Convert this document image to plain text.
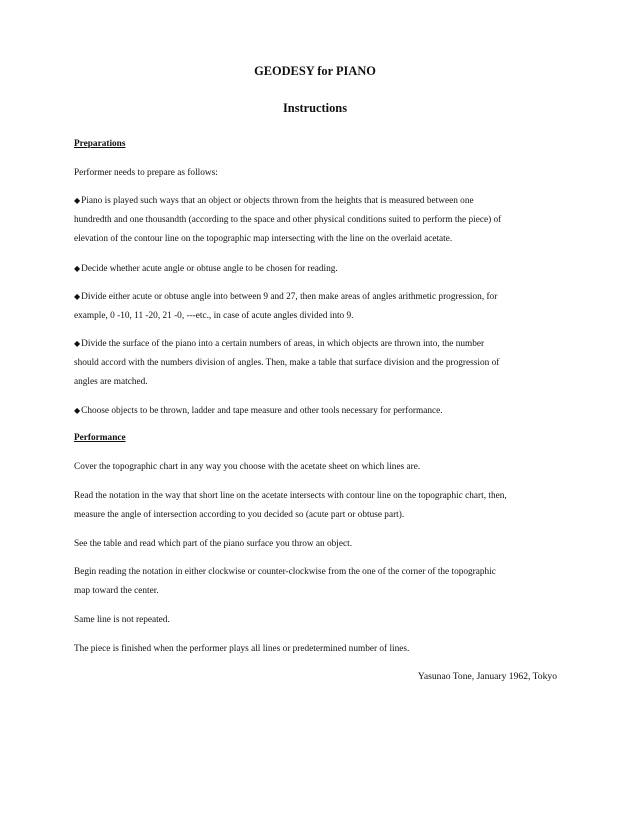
GEODESY for PIANO
Instructions
Preparations
Performer needs to prepare as follows:
◆Piano is played such ways that an object or objects thrown from the heights that is measured between one
hundredth and one thousandth (according to the space and other physical conditions suited to perform the piece) of
elevation of the contour line on the topographic map intersecting with the line on the overlaid acetate.
◆Decide whether acute angle or obtuse angle to be chosen for reading.
◆Divide either acute or obtuse angle into between 9 and 27, then make areas of angles arithmetic progression, for
example, 0 -10, 11 -20, 21 -0, ---etc., in case of acute angles divided into 9.
◆Divide the surface of the piano into a certain numbers of areas, in which objects are thrown into, the number
should accord with the numbers division of angles. Then, make a table that surface division and the progression of
angles are matched.
◆Choose objects to be thrown, ladder and tape measure and other tools necessary for performance.
Performance
Cover the topographic chart in any way you choose with the acetate sheet on which lines are.
Read the notation in the way that short line on the acetate intersects with contour line on the topographic chart, then,
measure the angle of intersection according to you decided so (acute part or obtuse part).
See the table and read which part of the piano surface you throw an object.
Begin reading the notation in either clockwise or counter-clockwise from the one of the corner of the topographic
map toward the center.
Same line is not repeated.
The piece is finished when the performer plays all lines or predetermined number of lines.
Yasunao Tone, January 1962, Tokyo
